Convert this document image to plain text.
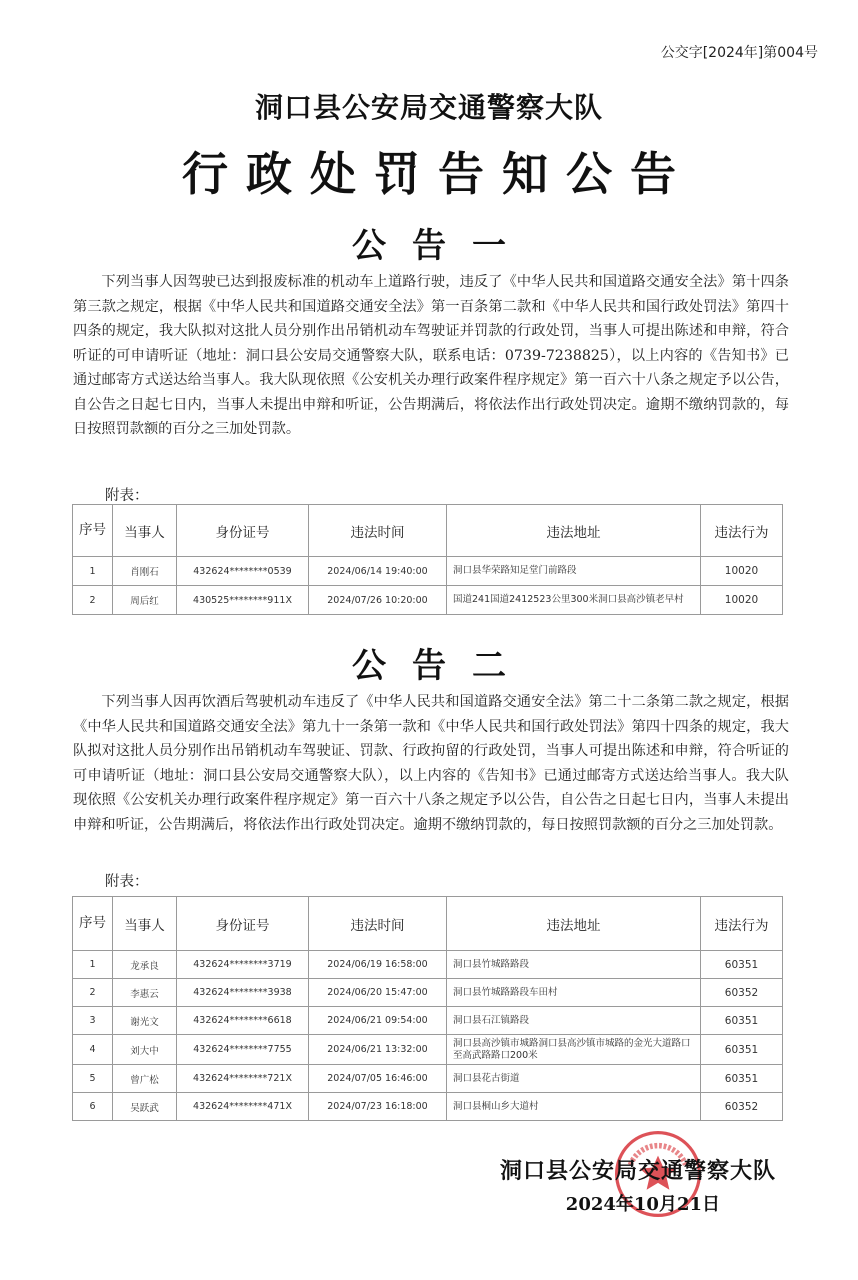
公交字[2024年]第004号
洞口县公安局交通警察大队
行政处罚告知公告
公告一
下列当事人因驾驶已达到报废标准的机动车上道路行驶，违反了《中华人民共和国道路交通安全法》第十四条第三款之规定，根据《中华人民共和国道路交通安全法》第一百条第二款和《中华人民共和国行政处罚法》第四十四条的规定，我大队拟对这批人员分别作出吊销机动车驾驶证并罚款的行政处罚，当事人可提出陈述和申辩，符合听证的可申请听证（地址：洞口县公安局交通警察大队，联系电话：0739-7238825），以上内容的《告知书》已通过邮寄方式送达给当事人。我大队现依照《公安机关办理行政案件程序规定》第一百六十八条之规定予以公告，自公告之日起七日内，当事人未提出申辩和听证，公告期满后，将依法作出行政处罚决定。逾期不缴纳罚款的，每日按照罚款额的百分之三加处罚款。
附表：
序号	当事人	身份证号	违法时间	违法地址	违法行为
1	肖刚石	432624********0539	2024/06/14 19:40:00	洞口县华荣路知足堂门前路段	10020
2	周后红	430525********911X	2024/07/26 10:20:00	国道241国道2412523公里300米洞口县高沙镇老早村	10020
公告二
下列当事人因再饮酒后驾驶机动车违反了《中华人民共和国道路交通安全法》第二十二条第二款之规定，根据《中华人民共和国道路交通安全法》第九十一条第一款和《中华人民共和国行政处罚法》第四十四条的规定，我大队拟对这批人员分别作出吊销机动车驾驶证、罚款、行政拘留的行政处罚，当事人可提出陈述和申辩，符合听证的可申请听证（地址：洞口县公安局交通警察大队），以上内容的《告知书》已通过邮寄方式送达给当事人。我大队现依照《公安机关办理行政案件程序规定》第一百六十八条之规定予以公告，自公告之日起七日内，当事人未提出申辩和听证，公告期满后，将依法作出行政处罚决定。逾期不缴纳罚款的，每日按照罚款额的百分之三加处罚款。
附表：
序号	当事人	身份证号	违法时间	违法地址	违法行为
1	龙承良	432624********3719	2024/06/19 16:58:00	洞口县竹城路路段	60351
2	李惠云	432624********3938	2024/06/20 15:47:00	洞口县竹城路路段车田村	60352
3	谢光文	432624********6618	2024/06/21 09:54:00	洞口县石江镇路段	60351
4	刘大中	432624********7755	2024/06/21 13:32:00	洞口县高沙镇市城路洞口县高沙镇市城路的金光大道路口至高武路路口200米	60351
5	曾广松	432624********721X	2024/07/05 16:46:00	洞口县花古街道	60351
6	吴跃武	432624********471X	2024/07/23 16:18:00	洞口县桐山乡大道村	60352
洞口县公安局交通警察大队
2024年10月21日
